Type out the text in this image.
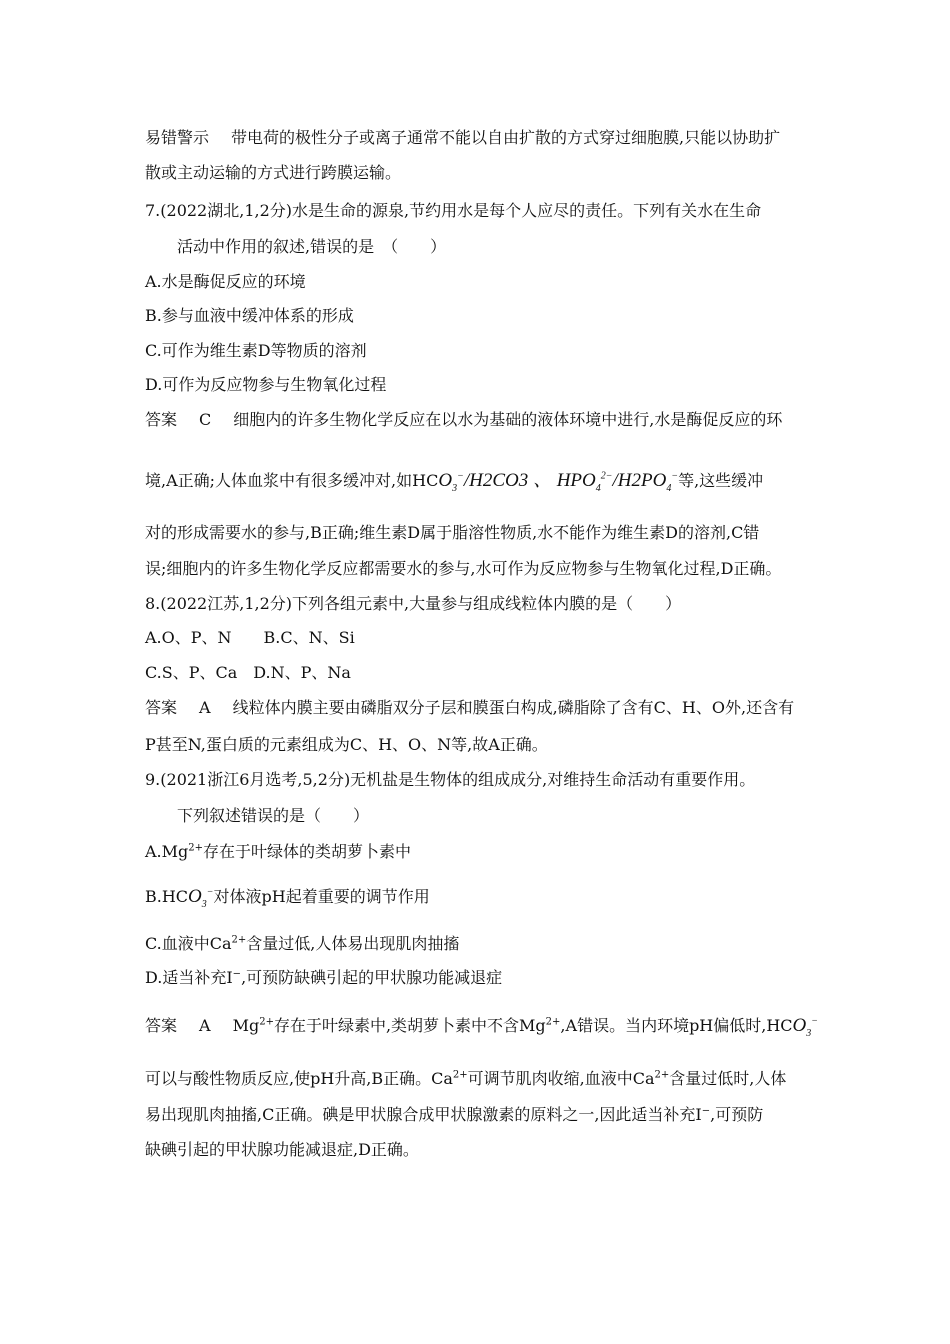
易错警示 带电荷的极性分子或离子通常不能以自由扩散的方式穿过细胞膜,只能以协助扩
散或主动运输的方式进行跨膜运输。
7.(2022湖北,1,2分)水是生命的源泉,节约用水是每个人应尽的责任。下列有关水在生命
活动中作用的叙述,错误的是　（　　）
A.水是酶促反应的环境
B.参与血液中缓冲体系的形成
C.可作为维生素D等物质的溶剂
D.可作为反应物参与生物氧化过程
答案 C 细胞内的许多生物化学反应在以水为基础的液体环境中进行,水是酶促反应的环
境,A正确;人体血浆中有很多缓冲对,如$HCO_3^-/H2CO3$ 、 $HPO_4^{2-}/H2PO_4^-$等,这些缓冲
对的形成需要水的参与,B正确;维生素D属于脂溶性物质,水不能作为维生素D的溶剂,C错
误;细胞内的许多生物化学反应都需要水的参与,水可作为反应物参与生物氧化过程,D正确。
8.(2022江苏,1,2分)下列各组元素中,大量参与组成线粒体内膜的是（　　）
A.O、P、N　　B.C、N、Si
C.S、P、Ca　D.N、P、Na
答案 A 线粒体内膜主要由磷脂双分子层和膜蛋白构成,磷脂除了含有C、H、O外,还含有
P甚至N,蛋白质的元素组成为C、H、O、N等,故A正确。
9.(2021浙江6月选考,5,2分)无机盐是生物体的组成成分,对维持生命活动有重要作用。
下列叙述错误的是（　　）
$A.Mg^{2+}$存在于叶绿体的类胡萝卜素中
$B.HCO_3^-$对体液pH起着重要的调节作用
C.血液中$Ca^{2+}$含量过低,人体易出现肌肉抽搐
D.适当补充I−,可预防缺碘引起的甲状腺功能减退症
答案 A $Mg^{2+}$存在于叶绿素中,类胡萝卜素中不含$Mg^{2+},A$错误。当内环境pH偏低时$,HCO_3^-$
可以与酸性物质反应,使pH升高,B正确。$Ca^{2+}$可调节肌肉收缩,血液中$Ca^{2+}$含量过低时,人体
易出现肌肉抽搐,C正确。碘是甲状腺合成甲状腺激素的原料之一,因此适当补充I−,可预防
缺碘引起的甲状腺功能减退症,D正确。
